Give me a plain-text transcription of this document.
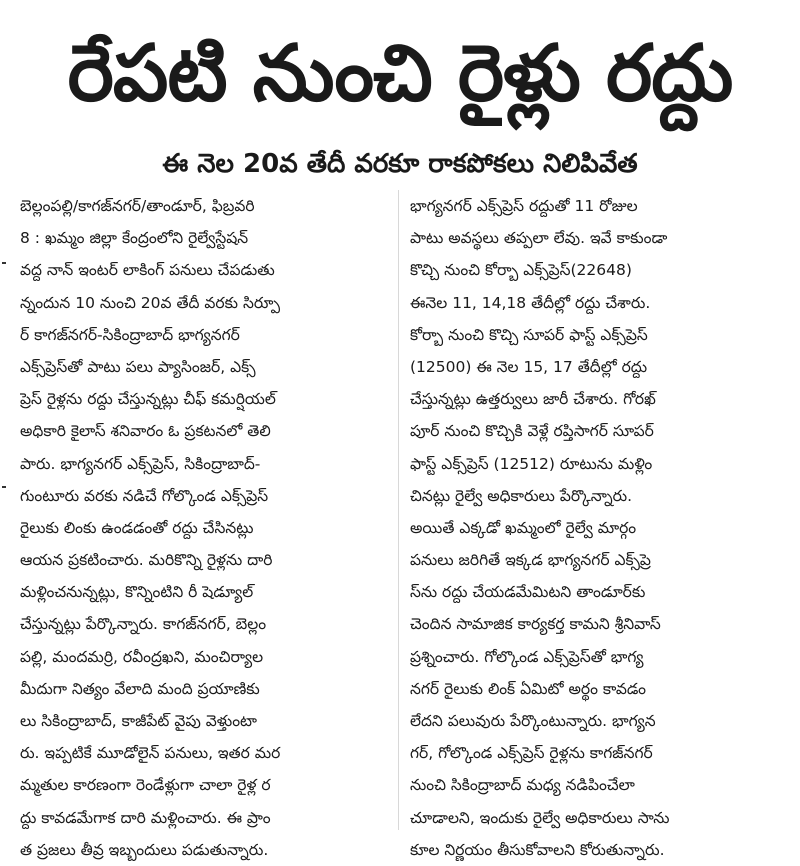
రేపటి నుంచి రైళ్లు రద్దు
ఈ నెల 20వ తేదీ వరకూ రాకపోకలు నిలిపివేత
బెల్లంపల్లి/కాగజ్‌నగర్/తాండూర్, ఫిబ్రవరి
8 : ఖమ్మం జిల్లా కేంద్రంలోని రైల్వేస్టేషన్
వద్ద నాన్ ఇంటర్ లాకింగ్ పనులు చేపడుతు
న్నందున 10 నుంచి 20వ తేదీ వరకు సిర్పూ
ర్ కాగజ్‌నగర్-సికింద్రాబాద్ భాగ్యనగర్
ఎక్స్‌ప్రెస్‌తో పాటు పలు ప్యాసింజర్, ఎక్స్
ప్రెస్ రైళ్లను రద్దు చేస్తున్నట్లు చీఫ్ కమర్షియల్
అధికారి కైలాస్ శనివారం ఓ ప్రకటనలో తెలి
పారు. భాగ్యనగర్ ఎక్స్‌ప్రెస్, సికింద్రాబాద్-
గుంటూరు వరకు నడిచే గోల్కొండ ఎక్స్‌ప్రెస్
రైలుకు లింకు ఉండడంతో రద్దు చేసినట్లు
ఆయన ప్రకటించారు. మరికొన్ని రైళ్లను దారి
మళ్లించనున్నట్లు, కొన్నింటిని రీ షెడ్యూల్
చేస్తున్నట్లు పేర్కొన్నారు. కాగజ్‌నగర్, బెల్లం
పల్లి, మందమర్రి, రవీంద్రఖని, మంచిర్యాల
మీదుగా నిత్యం వేలాది మంది ప్రయాణికు
లు సికింద్రాబాద్, కాజీపేట్ వైపు వెళ్తుంటా
రు. ఇప్పటికే మూడోలైన్ పనులు, ఇతర మర
మ్మతుల కారణంగా రెండేళ్లుగా చాలా రైళ్ల ర
ద్దు కావడమేగాక దారి మళ్లించారు. ఈ ప్రాం
త ప్రజలు తీవ్ర ఇబ్బందులు పడుతున్నారు.
భాగ్యనగర్ ఎక్స్‌ప్రెస్ రద్దుతో 11 రోజుల
పాటు అవస్థలు తప్పలా లేవు. ఇవే కాకుండా
కొచ్చి నుంచి కోర్బా ఎక్స్‌ప్రెస్(22648)
ఈనెల 11, 14,18 తేదీల్లో రద్దు చేశారు.
కోర్బా నుంచి కొచ్చి సూపర్ ఫాస్ట్ ఎక్స్‌ప్రెస్
(12500) ఈ నెల 15, 17 తేదీల్లో రద్దు
చేస్తున్నట్లు ఉత్తర్వులు జారీ చేశారు. గోరఖ్
పూర్ నుంచి కొచ్చికి వెళ్లే రప్తిసాగర్ సూపర్
ఫాస్ట్ ఎక్స్‌ప్రెస్ (12512) రూటును మళ్లిం
చినట్లు రైల్వే అధికారులు పేర్కొన్నారు.
అయితే ఎక్కడో ఖమ్మంలో రైల్వే మార్గం
పనులు జరిగితే ఇక్కడ భాగ్యనగర్ ఎక్స్‌ప్రె
స్‌ను రద్దు చేయడమేమిటని తాండూర్‌కు
చెందిన సామాజిక కార్యకర్త కామని శ్రీనివాస్
ప్రశ్నించారు. గోల్కొండ ఎక్స్‌ప్రెస్‌తో భాగ్య
నగర్ రైలుకు లింక్ ఏమిటో అర్థం కావడం
లేదని పలువురు పేర్కొంటున్నారు. భాగ్యన
గర్, గోల్కొండ ఎక్స్‌ప్రెస్ రైళ్లను కాగజ్‌నగర్
నుంచి సికింద్రాబాద్ మధ్య నడిపించేలా
చూడాలని, ఇందుకు రైల్వే అధికారులు సాను
కూల నిర్ణయం తీసుకోవాలని కోరుతున్నారు.
